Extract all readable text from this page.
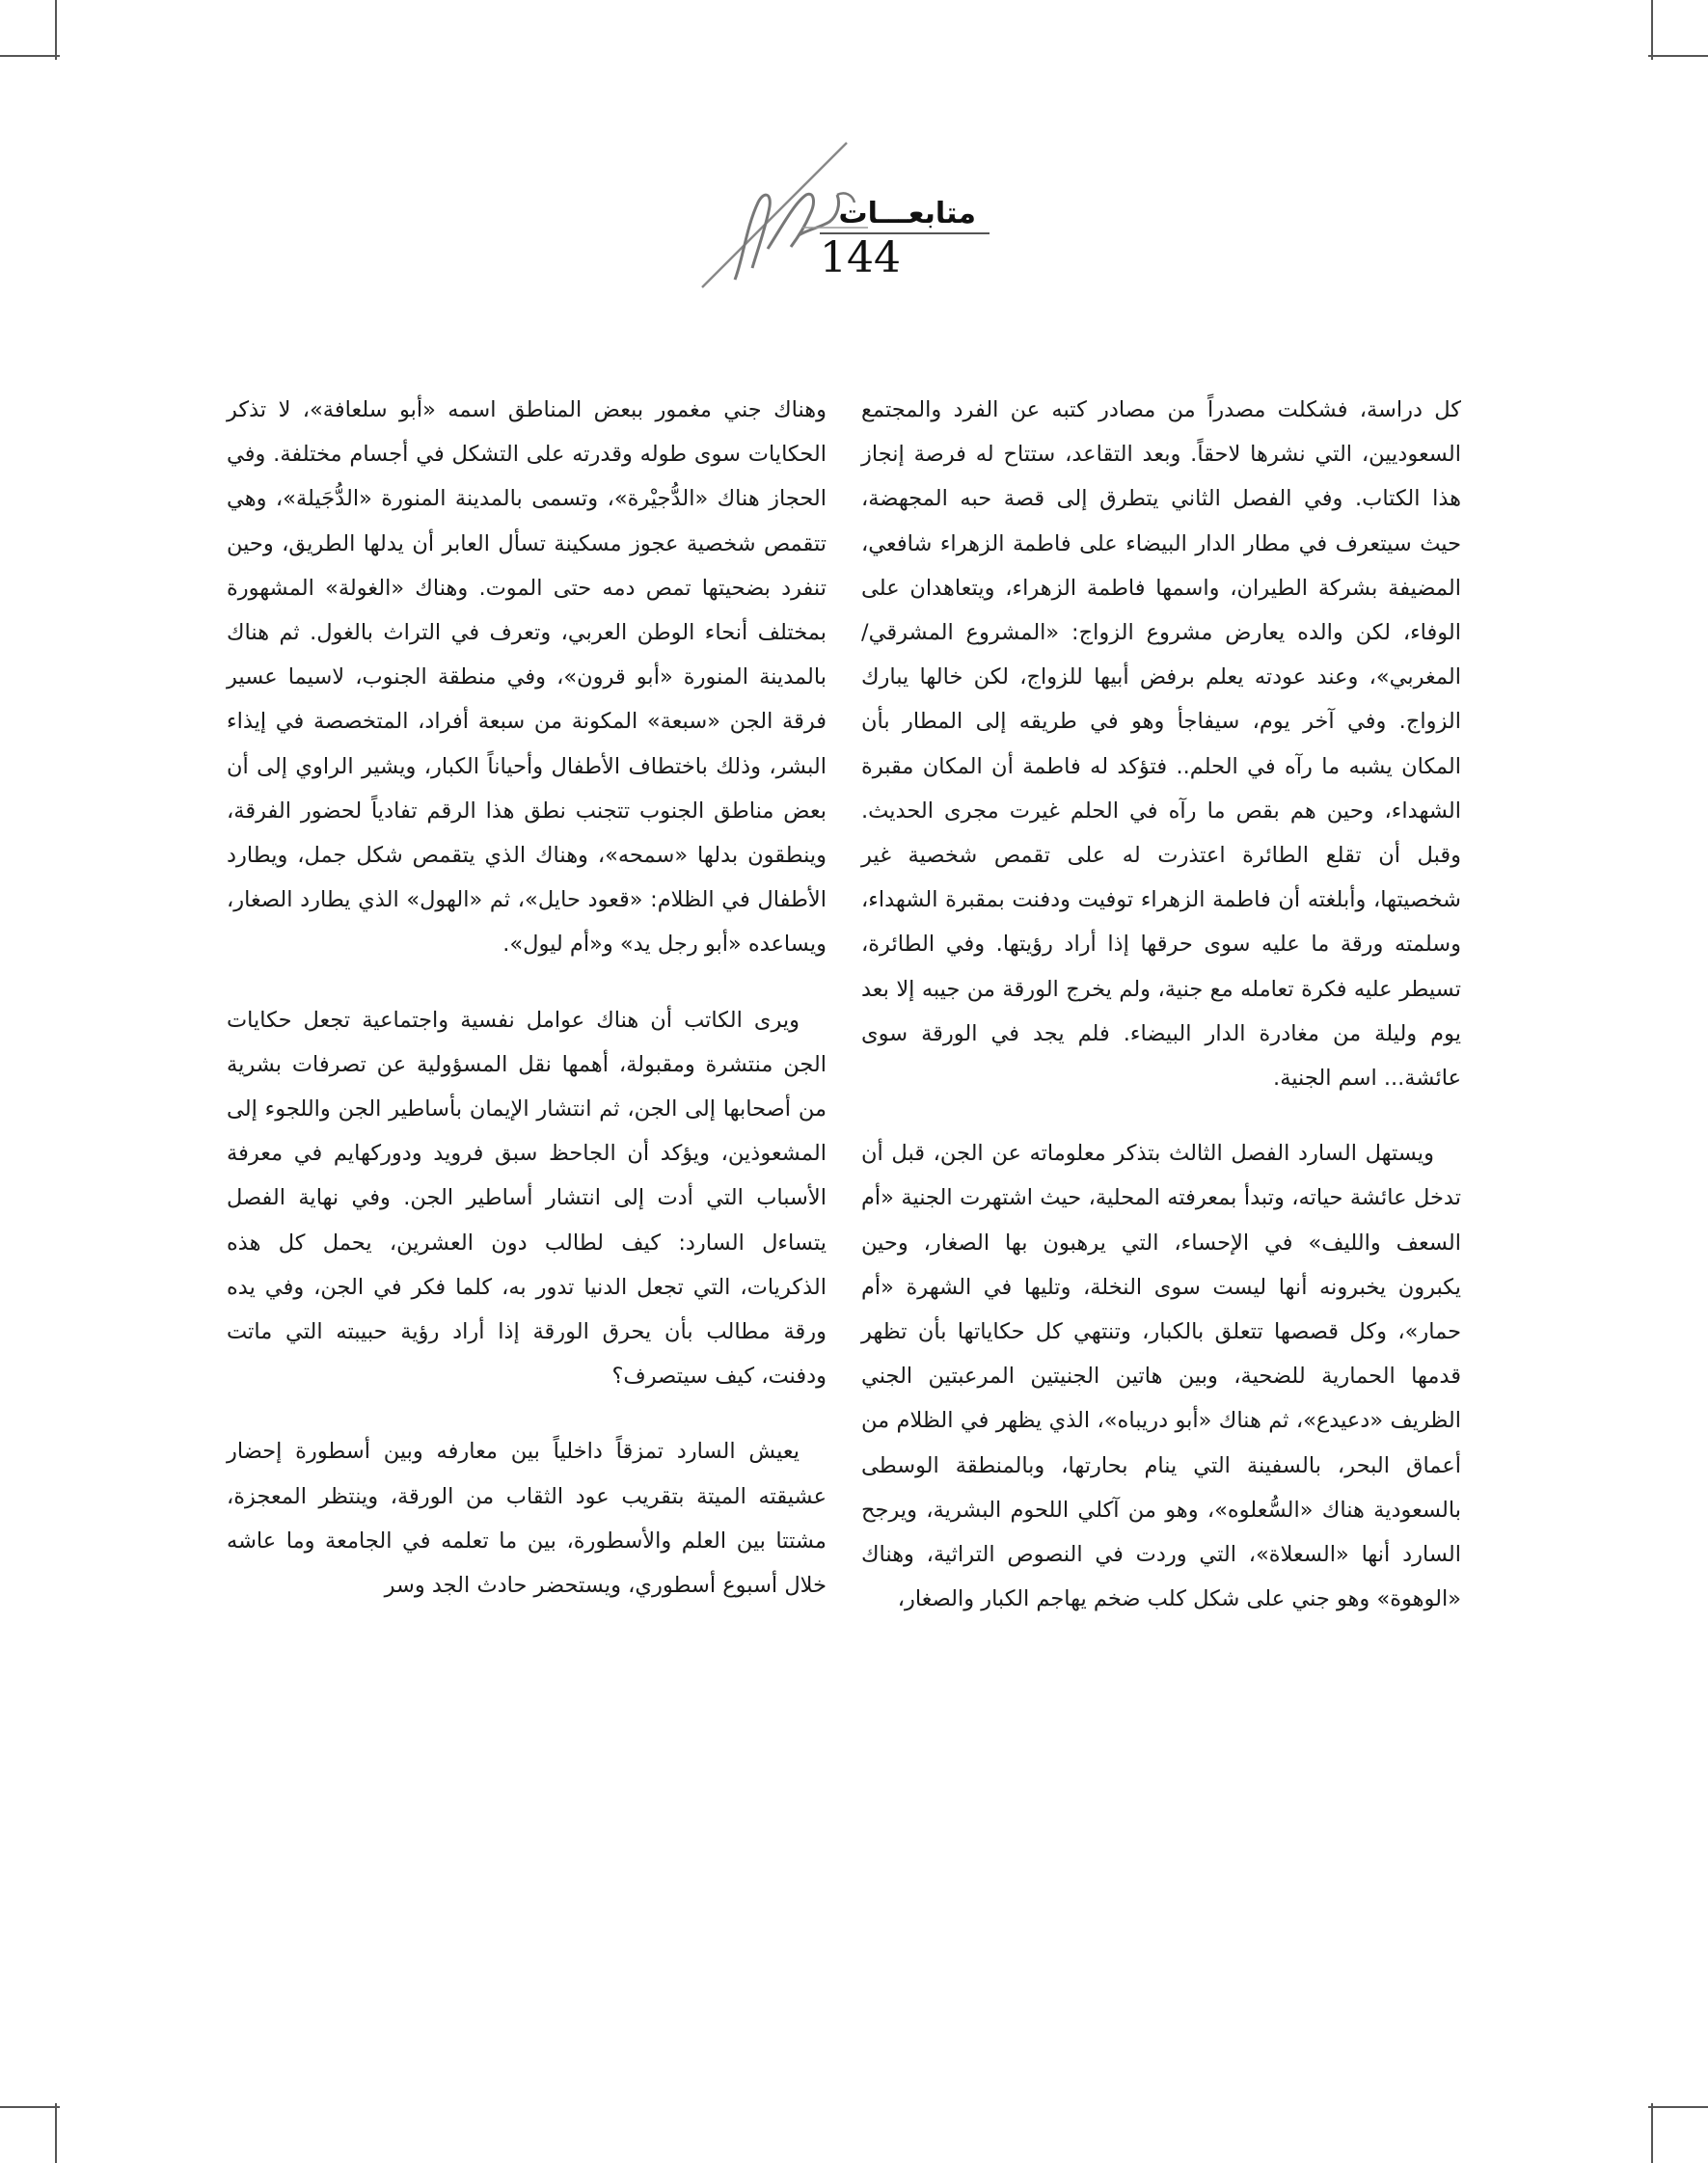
متابعـــات
144

كل دراسة، فشكلت مصدراً من مصادر كتبه عن الفرد والمجتمع السعوديين، التي نشرها لاحقاً. وبعد التقاعد، ستتاح له فرصة إنجاز هذا الكتاب. وفي الفصل الثاني يتطرق إلى قصة حبه المجهضة، حيث سيتعرف في مطار الدار البيضاء على فاطمة الزهراء شافعي، المضيفة بشركة الطيران، واسمها فاطمة الزهراء، ويتعاهدان على الوفاء، لكن والده يعارض مشروع الزواج: «المشروع المشرقي/ المغربي»، وعند عودته يعلم برفض أبيها للزواج، لكن خالها يبارك الزواج. وفي آخر يوم، سيفاجأ وهو في طريقه إلى المطار بأن المكان يشبه ما رآه في الحلم.. فتؤكد له فاطمة أن المكان مقبرة الشهداء، وحين هم بقص ما رآه في الحلم غيرت مجرى الحديث. وقبل أن تقلع الطائرة اعتذرت له على تقمص شخصية غير شخصيتها، وأبلغته أن فاطمة الزهراء توفيت ودفنت بمقبرة الشهداء، وسلمته ورقة ما عليه سوى حرقها إذا أراد رؤيتها. وفي الطائرة، تسيطر عليه فكرة تعامله مع جنية، ولم يخرج الورقة من جيبه إلا بعد يوم وليلة من مغادرة الدار البيضاء. فلم يجد في الورقة سوى عائشة... اسم الجنية.

ويستهل السارد الفصل الثالث بتذكر معلوماته عن الجن، قبل أن تدخل عائشة حياته، وتبدأ بمعرفته المحلية، حيث اشتهرت الجنية «أم السعف والليف» في الإحساء، التي يرهبون بها الصغار، وحين يكبرون يخبرونه أنها ليست سوى النخلة، وتليها في الشهرة «أم حمار»، وكل قصصها تتعلق بالكبار، وتنتهي كل حكاياتها بأن تظهر قدمها الحمارية للضحية، وبين هاتين الجنيتين المرعبتين الجني الظريف «دعيدع»، ثم هناك «أبو دريباه»، الذي يظهر في الظلام من أعماق البحر، بالسفينة التي ينام بحارتها، وبالمنطقة الوسطى بالسعودية هناك «السُّعلوه»، وهو من آكلي اللحوم البشرية، ويرجح السارد أنها «السعلاة»، التي وردت في النصوص التراثية، وهناك «الوهوة» وهو جني على شكل كلب ضخم يهاجم الكبار والصغار،

وهناك جني مغمور ببعض المناطق اسمه «أبو سلعافة»، لا تذكر الحكايات سوى طوله وقدرته على التشكل في أجسام مختلفة. وفي الحجاز هناك «الدُّجيْرة»، وتسمى بالمدينة المنورة «الدُّجَيلة»، وهي تتقمص شخصية عجوز مسكينة تسأل العابر أن يدلها الطريق، وحين تنفرد بضحيتها تمص دمه حتى الموت. وهناك «الغولة» المشهورة بمختلف أنحاء الوطن العربي، وتعرف في التراث بالغول. ثم هناك بالمدينة المنورة «أبو قرون»، وفي منطقة الجنوب، لاسيما عسير فرقة الجن «سبعة» المكونة من سبعة أفراد، المتخصصة في إيذاء البشر، وذلك باختطاف الأطفال وأحياناً الكبار، ويشير الراوي إلى أن بعض مناطق الجنوب تتجنب نطق هذا الرقم تفادياً لحضور الفرقة، وينطقون بدلها «سمحه»، وهناك الذي يتقمص شكل جمل، ويطارد الأطفال في الظلام: «قعود حايل»، ثم «الهول» الذي يطارد الصغار، ويساعده «أبو رجل يد» و«أم ليول».

ويرى الكاتب أن هناك عوامل نفسية واجتماعية تجعل حكايات الجن منتشرة ومقبولة، أهمها نقل المسؤولية عن تصرفات بشرية من أصحابها إلى الجن، ثم انتشار الإيمان بأساطير الجن واللجوء إلى المشعوذين، ويؤكد أن الجاحظ سبق فرويد ودوركهايم في معرفة الأسباب التي أدت إلى انتشار أساطير الجن. وفي نهاية الفصل يتساءل السارد: كيف لطالب دون العشرين، يحمل كل هذه الذكريات، التي تجعل الدنيا تدور به، كلما فكر في الجن، وفي يده ورقة مطالب بأن يحرق الورقة إذا أراد رؤية حبيبته التي ماتت ودفنت، كيف سيتصرف؟

يعيش السارد تمزقاً داخلياً بين معارفه وبين أسطورة إحضار عشيقته الميتة بتقريب عود الثقاب من الورقة، وينتظر المعجزة، مشتتا بين العلم والأسطورة، بين ما تعلمه في الجامعة وما عاشه خلال أسبوع أسطوري، ويستحضر حادث الجد وسر
